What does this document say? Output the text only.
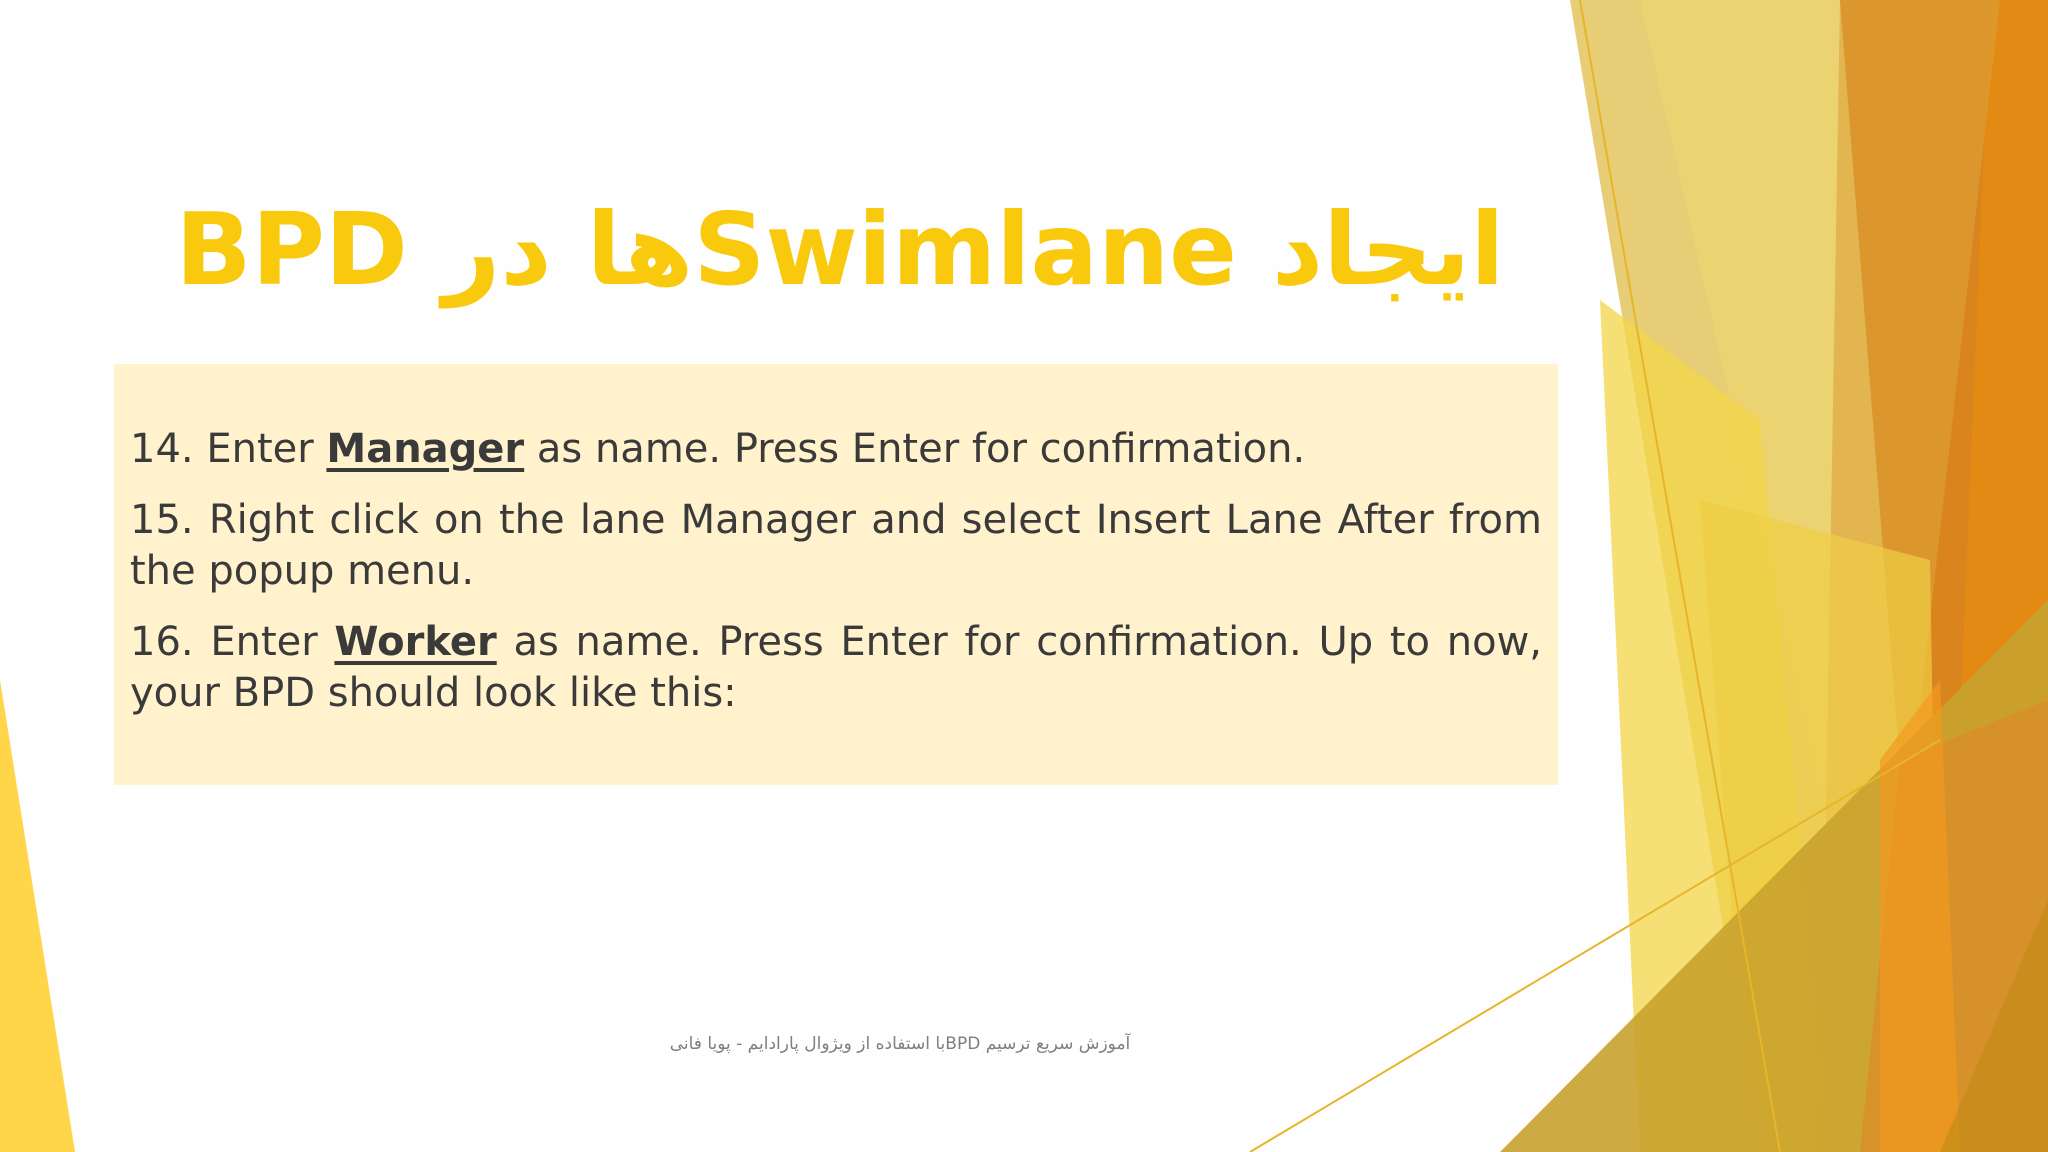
ایجاد Swimlaneها در BPD

14. Enter Manager as name. Press Enter for confirmation.

15. Right click on the lane Manager and select Insert Lane After from the popup menu.

16. Enter Worker as name. Press Enter for confirmation. Up to now, your BPD should look like this:

آموزش سریع ترسیم BPDبا استفاده از ویژوال پارادایم - پویا فانی
